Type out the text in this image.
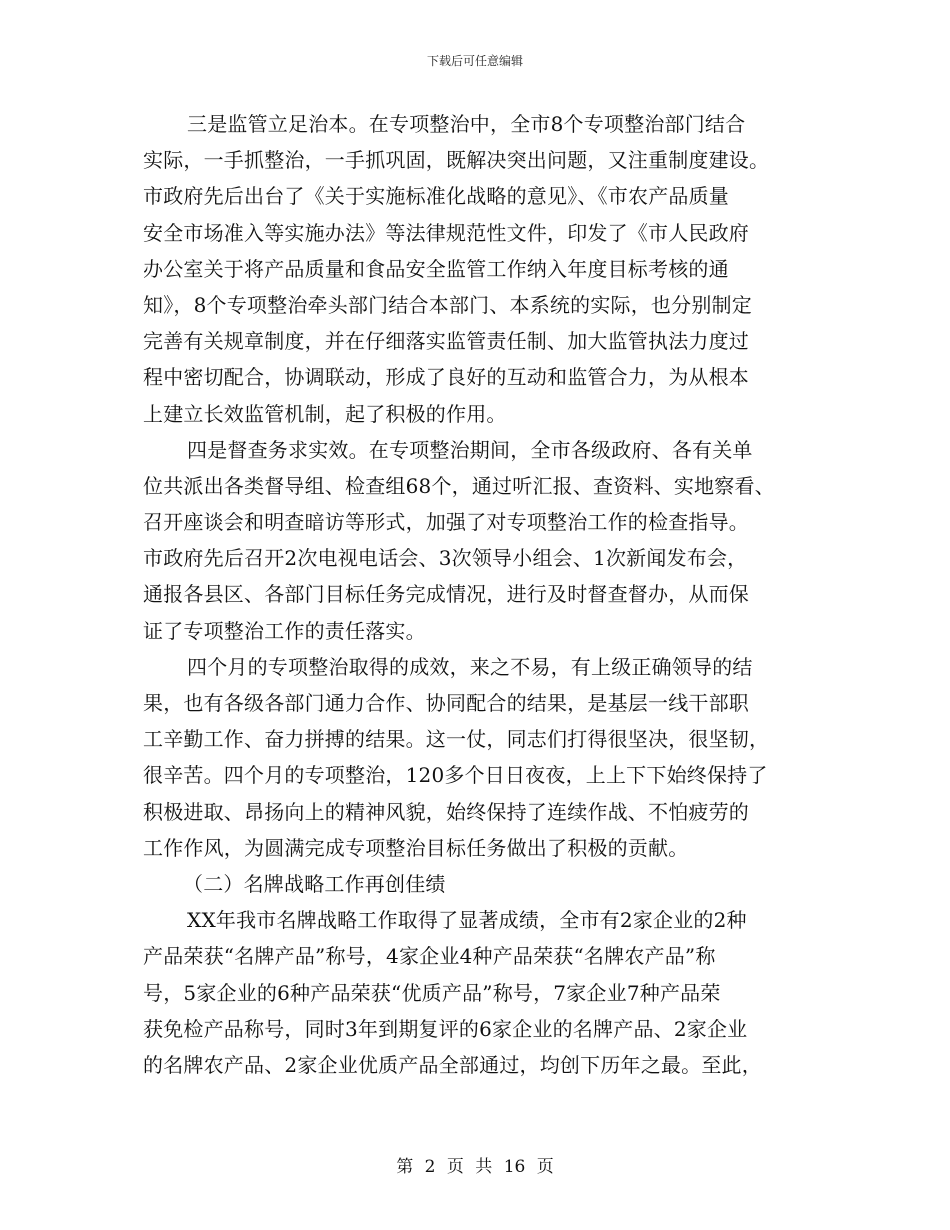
下载后可任意编辑
三是监管立足治本。在专项整治中，全市8个专项整治部门结合
实际，一手抓整治，一手抓巩固，既解决突出问题，又注重制度建设。
市政府先后出台了《关于实施标准化战略的意见》、《市农产品质量
安全市场准入等实施办法》等法律规范性文件，印发了《市人民政府
办公室关于将产品质量和食品安全监管工作纳入年度目标考核的通
知》，8个专项整治牵头部门结合本部门、本系统的实际，也分别制定
完善有关规章制度，并在仔细落实监管责任制、加大监管执法力度过
程中密切配合，协调联动，形成了良好的互动和监管合力，为从根本
上建立长效监管机制，起了积极的作用。
四是督查务求实效。在专项整治期间，全市各级政府、各有关单
位共派出各类督导组、检查组68个，通过听汇报、查资料、实地察看、
召开座谈会和明查暗访等形式，加强了对专项整治工作的检查指导。
市政府先后召开2次电视电话会、3次领导小组会、1次新闻发布会，
通报各县区、各部门目标任务完成情况，进行及时督查督办，从而保
证了专项整治工作的责任落实。
四个月的专项整治取得的成效，来之不易，有上级正确领导的结
果，也有各级各部门通力合作、协同配合的结果，是基层一线干部职
工辛勤工作、奋力拼搏的结果。这一仗，同志们打得很坚决，很坚韧，
很辛苦。四个月的专项整治，120多个日日夜夜，上上下下始终保持了
积极进取、昂扬向上的精神风貌，始终保持了连续作战、不怕疲劳的
工作作风，为圆满完成专项整治目标任务做出了积极的贡献。
（二）名牌战略工作再创佳绩
XX年我市名牌战略工作取得了显著成绩，全市有2家企业的2种
产品荣获“名牌产品”称号，4家企业4种产品荣获“名牌农产品”称
号，5家企业的6种产品荣获“优质产品”称号，7家企业7种产品荣
获免检产品称号，同时3年到期复评的6家企业的名牌产品、2家企业
的名牌农产品、2家企业优质产品全部通过，均创下历年之最。至此，
第 2 页 共 16 页
